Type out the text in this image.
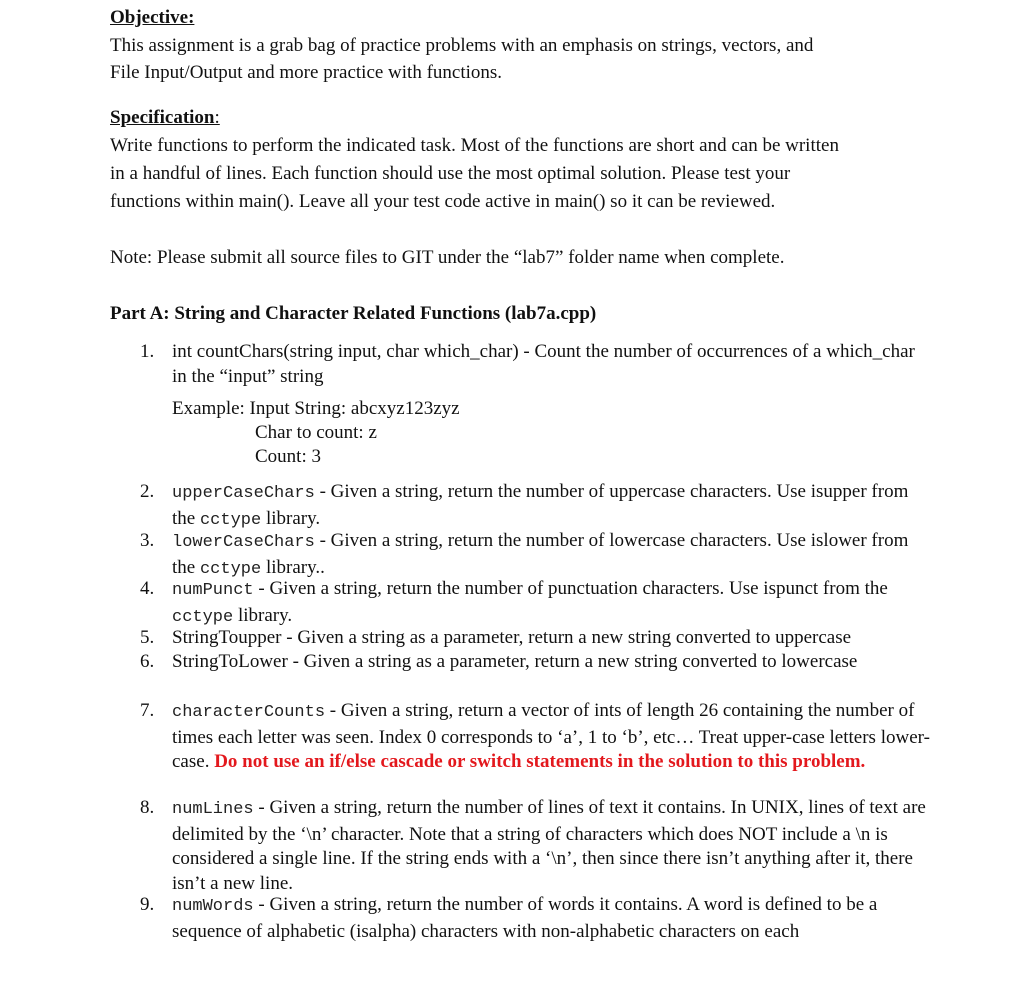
Objective:
This assignment is a grab bag of practice problems with an emphasis on strings, vectors, and
File Input/Output and more practice with functions.
Specification:
Write functions to perform the indicated task. Most of the functions are short and can be written
in a handful of lines. Each function should use the most optimal solution. Please test your
functions within main(). Leave all your test code active in main() so it can be reviewed.
Note: Please submit all source files to GIT under the “lab7” folder name when complete.
Part A: String and Character Related Functions (lab7a.cpp)
1. int countChars(string input, char which_char) - Count the number of occurrences of a which_char in the “input” string
Example: Input String: abcxyz123zyz
Char to count: z
Count: 3
2.	upperCaseChars - Given a string, return the number of uppercase characters. Use isupper from the cctype library.
3.	lowerCaseChars - Given a string, return the number of lowercase characters. Use islower from the cctype library..
4.	numPunct - Given a string, return the number of punctuation characters. Use ispunct from the cctype library.
5. StringToupper - Given a string as a parameter, return a new string converted to uppercase
6. StringToLower - Given a string as a parameter, return a new string converted to lowercase
7.	characterCounts - Given a string, return a vector of ints of length 26 containing the number of times each letter was seen. Index 0 corresponds to ‘a’, 1 to ‘b’, etc… Treat upper-case letters lower-case. Do not use an if/else cascade or switch statements in the solution to this problem.
8.	numLines - Given a string, return the number of lines of text it contains. In UNIX, lines of text are delimited by the ‘\n’ character. Note that a string of characters which does NOT include a \n is considered a single line. If the string ends with a ‘\n’, then since there isn’t anything after it, there isn’t a new line.
9.	numWords - Given a string, return the number of words it contains. A word is defined to be a sequence of alphabetic (isalpha) characters with non-alphabetic characters on each
